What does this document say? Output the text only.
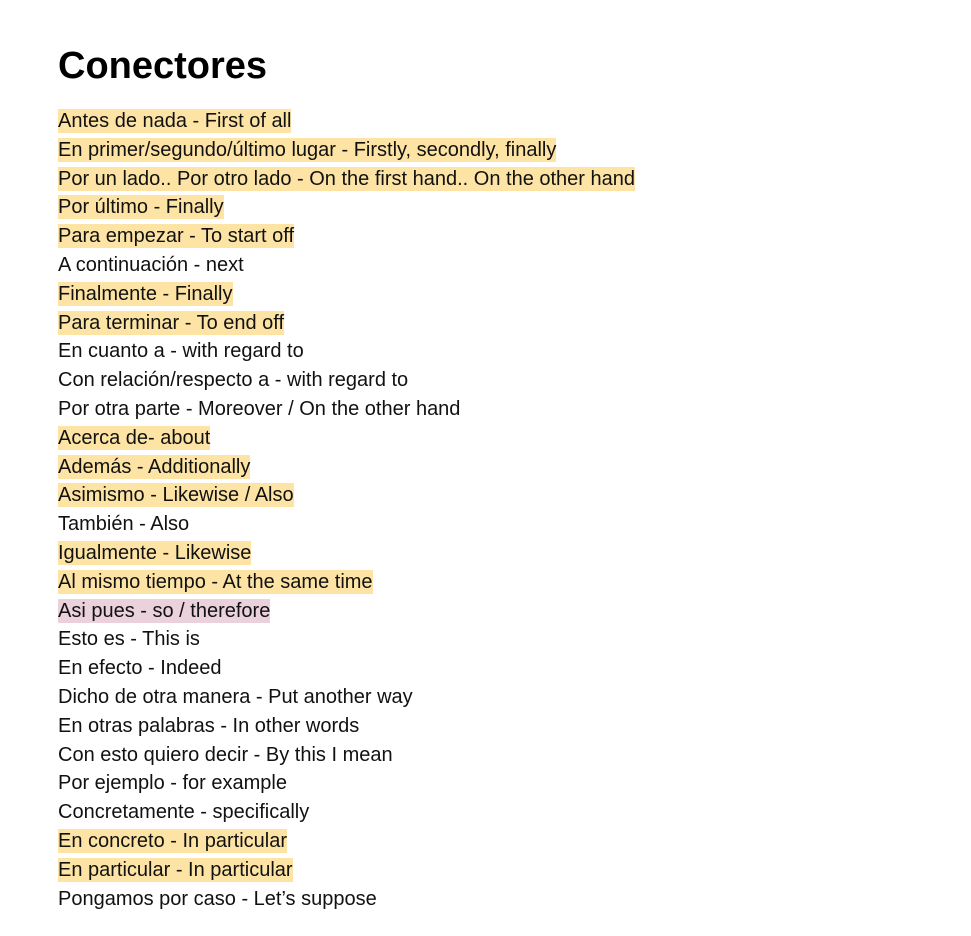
Conectores
Antes de nada - First of all
En primer/segundo/último lugar - Firstly, secondly, finally
Por un lado.. Por otro lado - On the first hand.. On the other hand
Por último - Finally
Para empezar - To start off
A continuación - next
Finalmente - Finally
Para terminar - To end off
En cuanto a - with regard to
Con relación/respecto a - with regard to
Por otra parte - Moreover / On the other hand
Acerca de- about
Además - Additionally
Asimismo - Likewise / Also
También - Also
Igualmente - Likewise
Al mismo tiempo - At the same time
Asi pues - so / therefore
Esto es - This is
En efecto - Indeed
Dicho de otra manera - Put another way
En otras palabras - In other words
Con esto quiero decir - By this I mean
Por ejemplo - for example
Concretamente - specifically
En concreto - In particular
En particular - In particular
Pongamos por caso - Let’s suppose
